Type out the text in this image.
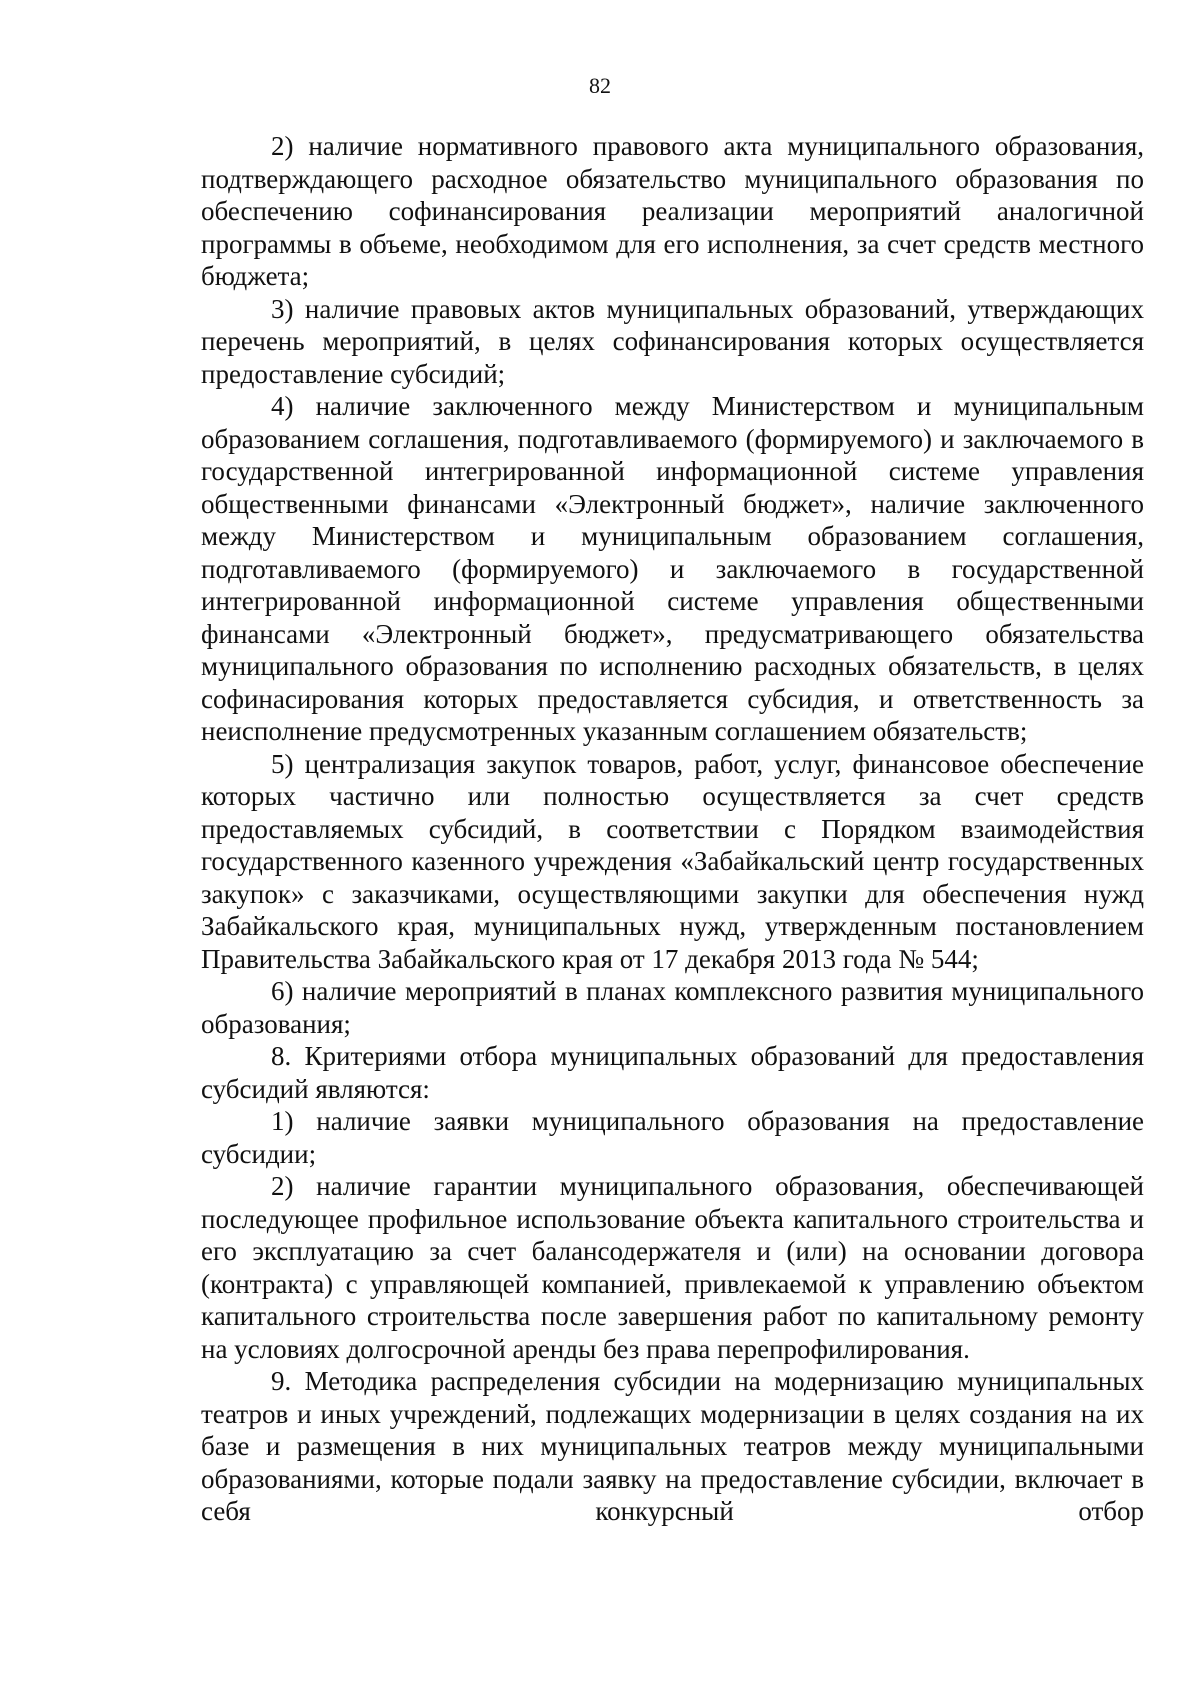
82

2) наличие нормативного правового акта муниципального образования, подтверждающего расходное обязательство муниципального образования по обеспечению софинансирования реализации мероприятий аналогичной программы в объеме, необходимом для его исполнения, за счет средств местного бюджета;

3) наличие правовых актов муниципальных образований, утверждающих перечень мероприятий, в целях софинансирования которых осуществляется предоставление субсидий;

4) наличие заключенного между Министерством и муниципальным образованием соглашения, подготавливаемого (формируемого) и заключаемого в государственной интегрированной информационной системе управления общественными финансами «Электронный бюджет», наличие заключенного между Министерством и муниципальным образованием соглашения, подготавливаемого (формируемого) и заключаемого в государственной интегрированной информационной системе управления общественными финансами «Электронный бюджет», предусматривающего обязательства муниципального образования по исполнению расходных обязательств, в целях софинасирования которых предоставляется субсидия, и ответственность за неисполнение предусмотренных указанным соглашением обязательств;

5) централизация закупок товаров, работ, услуг, финансовое обеспечение которых частично или полностью осуществляется за счет средств предоставляемых субсидий, в соответствии с Порядком взаимодействия государственного казенного учреждения «Забайкальский центр государственных закупок» с заказчиками, осуществляющими закупки для обеспечения нужд Забайкальского края, муниципальных нужд, утвержденным постановлением Правительства Забайкальского края от 17 декабря 2013 года № 544;

6) наличие мероприятий в планах комплексного развития муниципального образования;

8. Критериями отбора муниципальных образований для предоставления субсидий являются:

1) наличие заявки муниципального образования на предоставление субсидии;

2) наличие гарантии муниципального образования, обеспечивающей последующее профильное использование объекта капитального строительства и его эксплуатацию за счет балансодержателя и (или) на основании договора (контракта) с управляющей компанией, привлекаемой к управлению объектом капитального строительства после завершения работ по капитальному ремонту на условиях долгосрочной аренды без права перепрофилирования.

9. Методика распределения субсидии на модернизацию муниципальных театров и иных учреждений, подлежащих модернизации в целях создания на их базе и размещения в них муниципальных театров между муниципальными образованиями, которые подали заявку на предоставление субсидии, включает в себя конкурсный отбор
